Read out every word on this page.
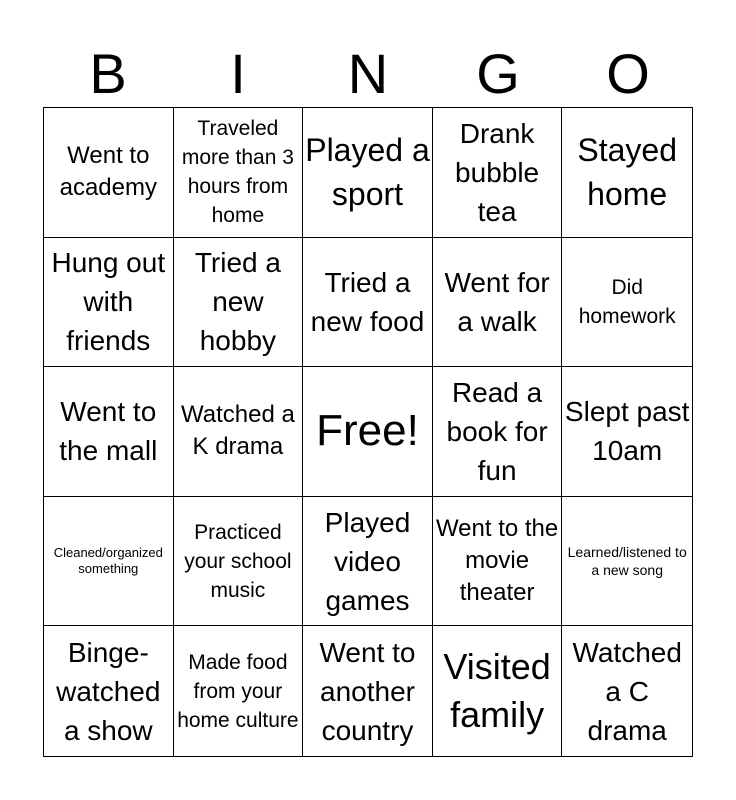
B	I	N	G	O
Went to academy
Traveled more than 3 hours from home
Played a sport
Drank bubble tea
Stayed home
Hung out with friends
Tried a new hobby
Tried a new food
Went for a walk
Did homework
Went to the mall
Watched a K drama Free!
Read a book for fun
Slept past 10am
Cleaned/organized something
Practiced your school music
Played video games
Went to the movie theater
Learned/listened to a new song
Binge-watched a show
Made food from your home culture
Went to another country
Visited family
Watched a C drama
